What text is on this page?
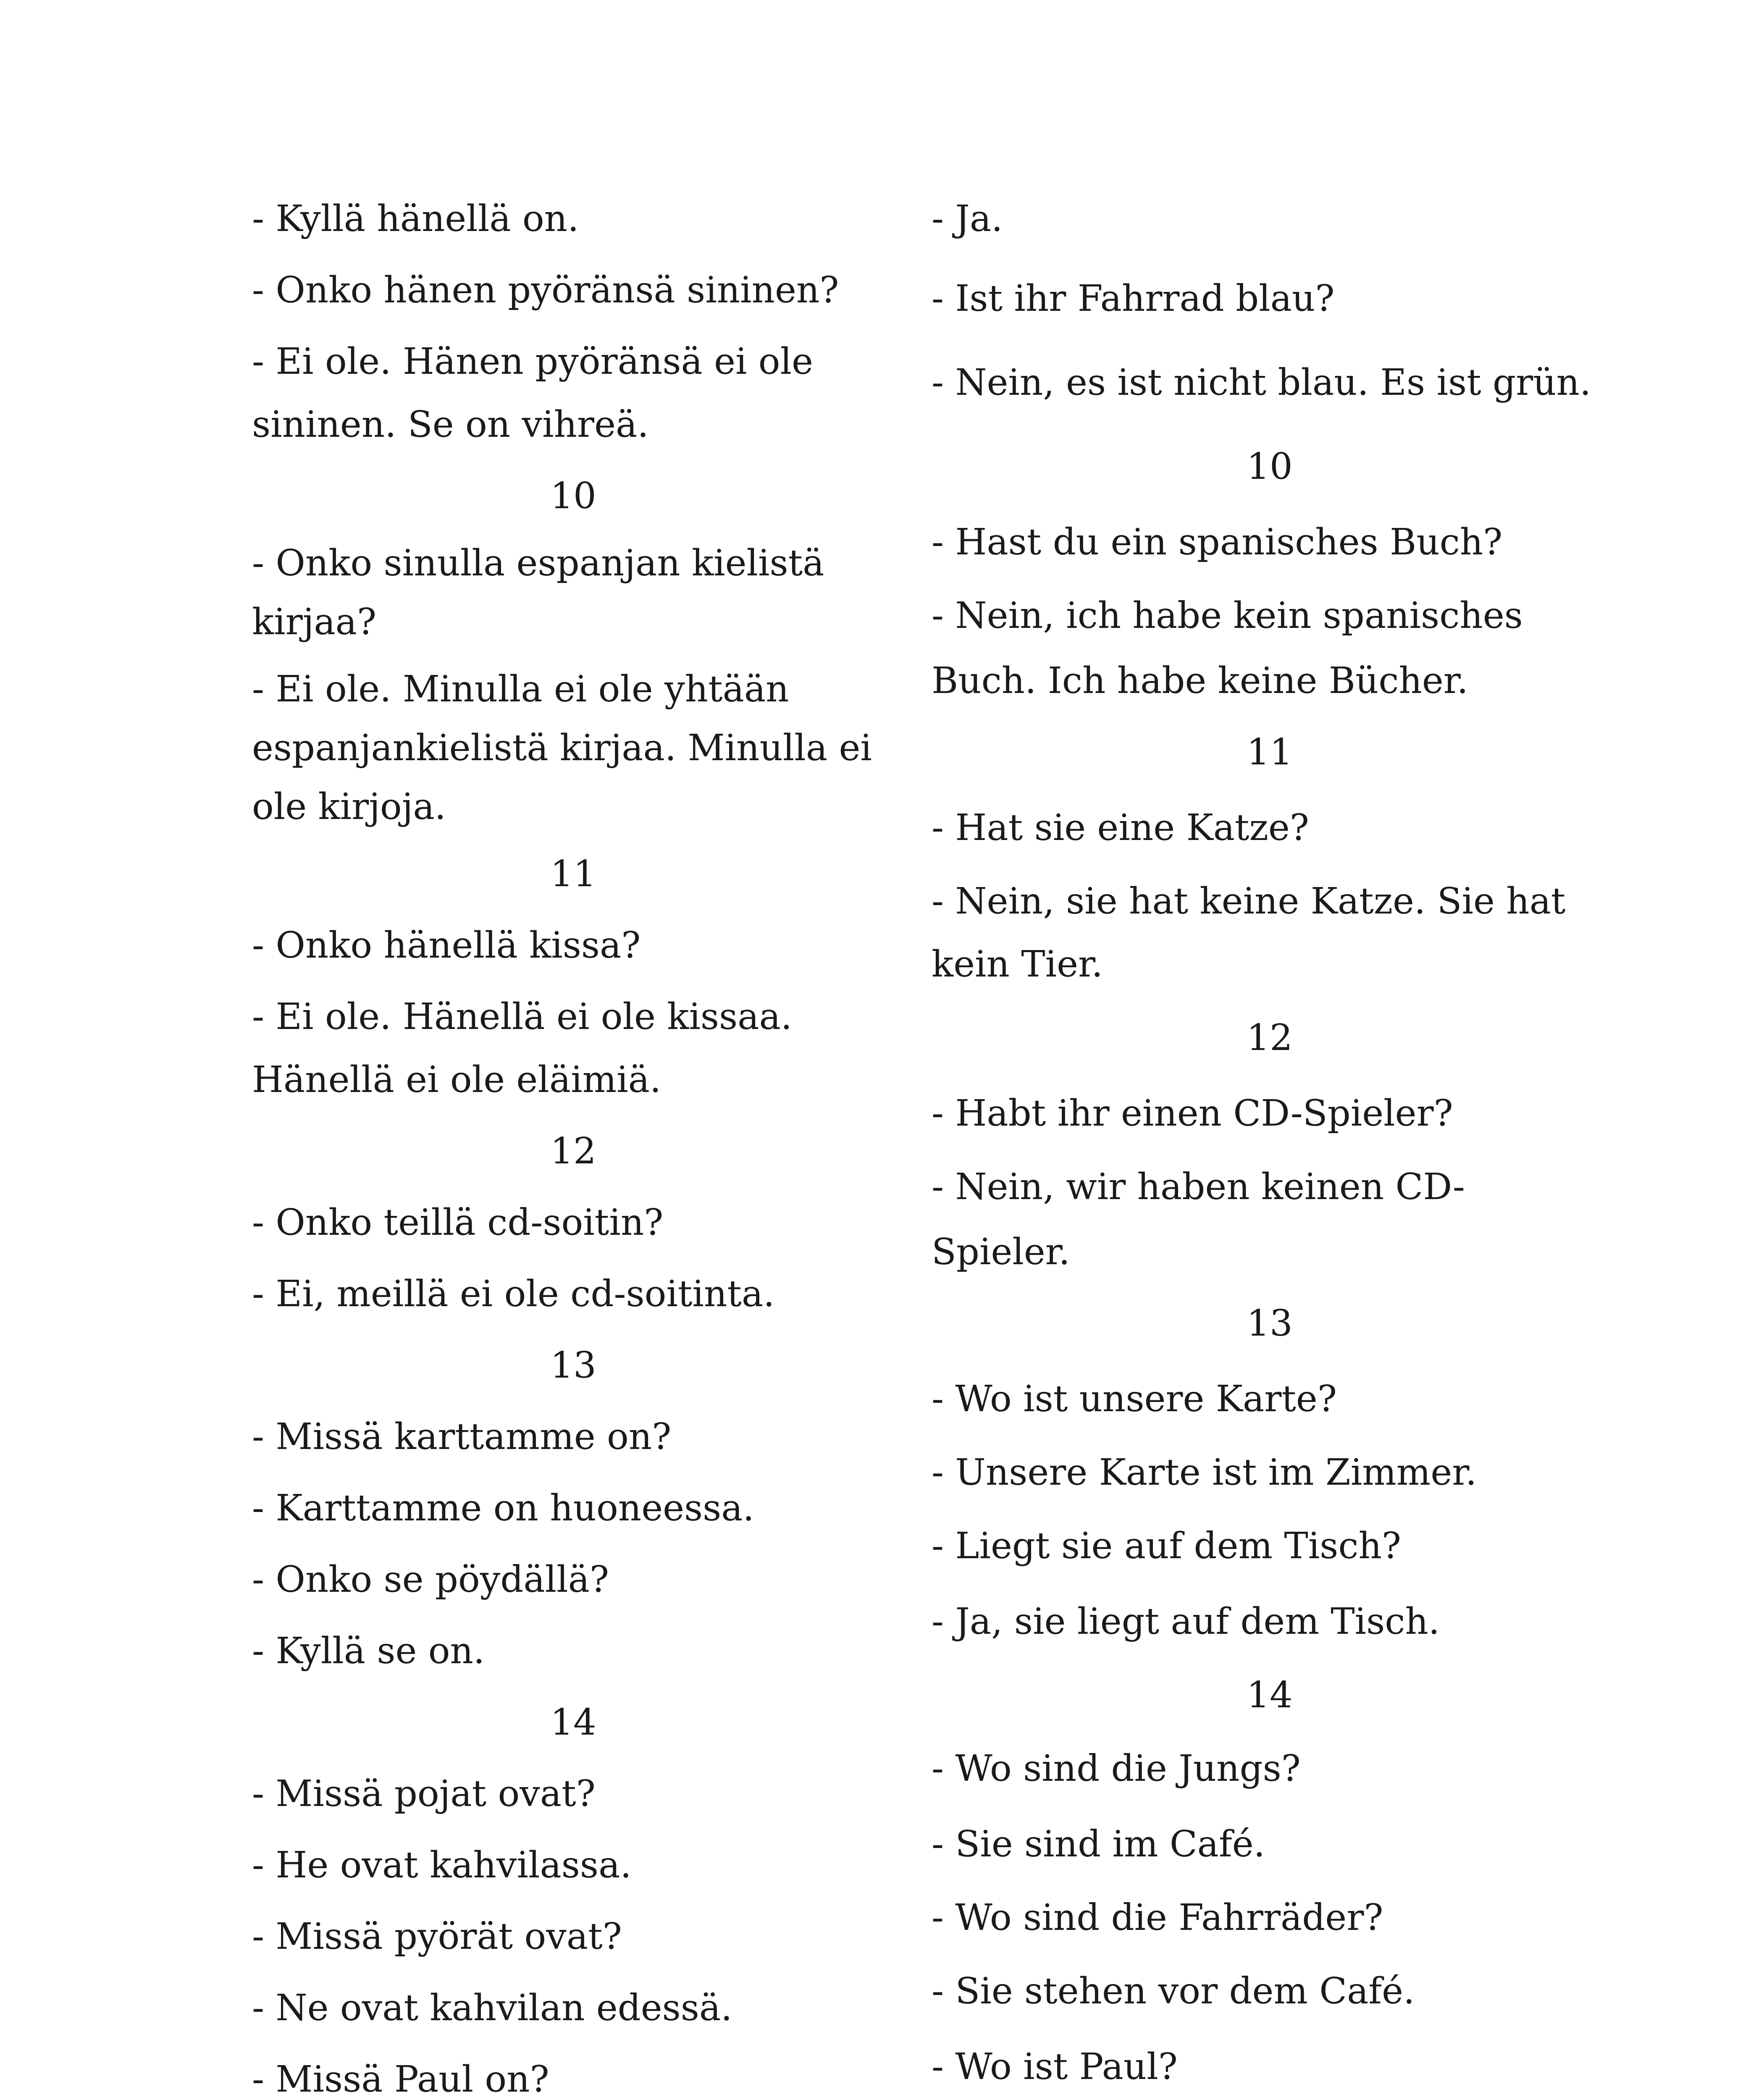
- Kyllä hänellä on.
- Onko hänen pyöränsä sininen?
- Ei ole. Hänen pyöränsä ei ole
sininen. Se on vihreä.
10
- Onko sinulla espanjan kielistä
kirjaa?
- Ei ole. Minulla ei ole yhtään
espanjankielistä kirjaa. Minulla ei
ole kirjoja.
11
- Onko hänellä kissa?
- Ei ole. Hänellä ei ole kissaa.
Hänellä ei ole eläimiä.
12
- Onko teillä cd-soitin?
- Ei, meillä ei ole cd-soitinta.
13
- Missä karttamme on?
- Karttamme on huoneessa.
- Onko se pöydällä?
- Kyllä se on.
14
- Missä pojat ovat?
- He ovat kahvilassa.
- Missä pyörät ovat?
- Ne ovat kahvilan edessä.
- Missä Paul on?
- Ja.
- Ist ihr Fahrrad blau?
- Nein, es ist nicht blau. Es ist grün.
10
- Hast du ein spanisches Buch?
- Nein, ich habe kein spanisches
Buch. Ich habe keine Bücher.
11
- Hat sie eine Katze?
- Nein, sie hat keine Katze. Sie hat
kein Tier.
12
- Habt ihr einen CD-Spieler?
- Nein, wir haben keinen CD-
Spieler.
13
- Wo ist unsere Karte?
- Unsere Karte ist im Zimmer.
- Liegt sie auf dem Tisch?
- Ja, sie liegt auf dem Tisch.
14
- Wo sind die Jungs?
- Sie sind im Café.
- Wo sind die Fahrräder?
- Sie stehen vor dem Café.
- Wo ist Paul?
